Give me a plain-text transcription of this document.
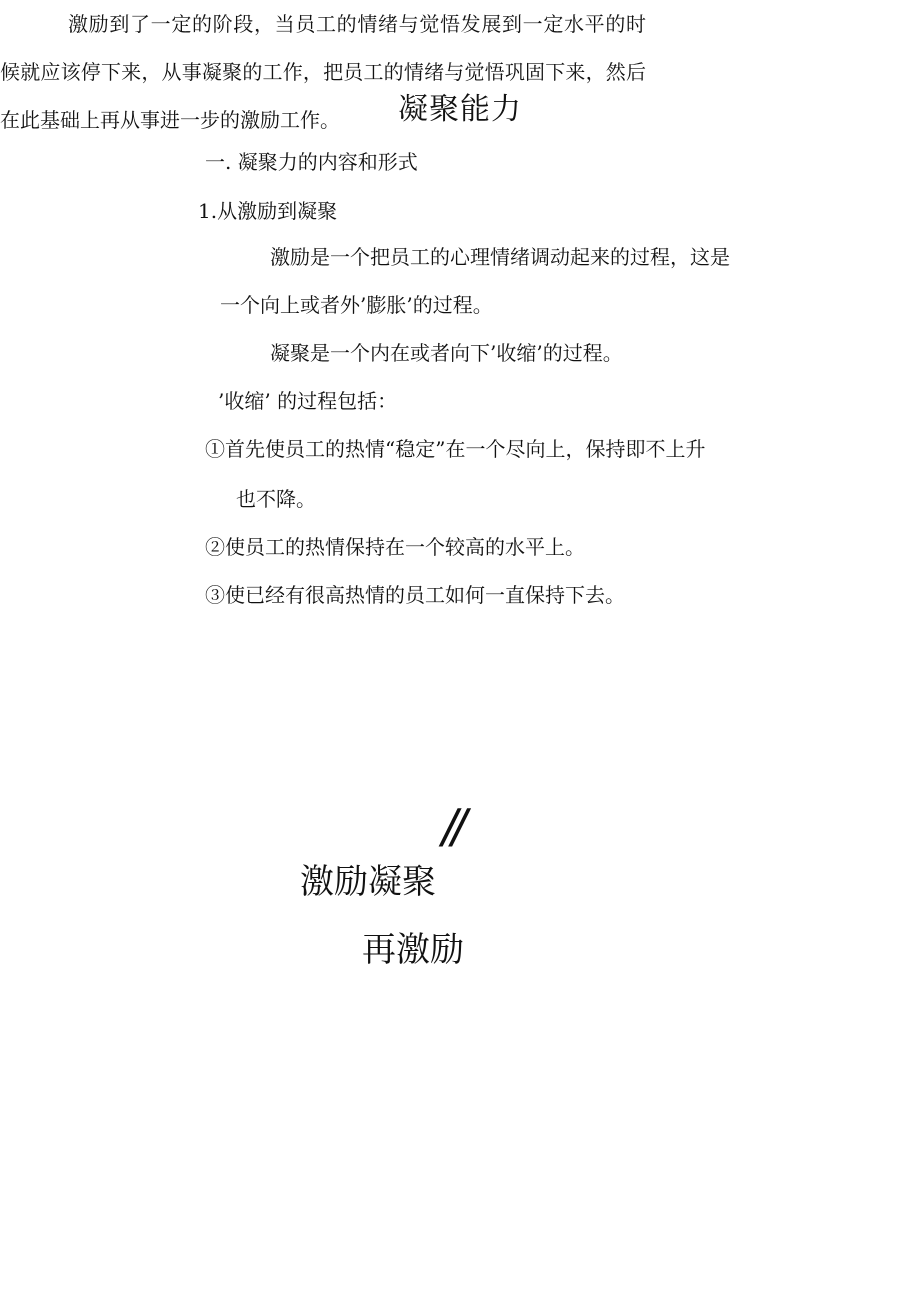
凝聚能力
一. 凝聚力的内容和形式
1.从激励到凝聚
激励是一个把员工的心理情绪调动起来的过程，这是
一个向上或者外’膨胀’的过程。
凝聚是一个内在或者向下’收缩’的过程。
’收缩’ 的过程包括：
①首先使员工的热情“稳定”在一个尽向上，保持即不上升
也不降。
②使员工的热情保持在一个较高的水平上。
③使已经有很高热情的员工如何一直保持下去。
激励到了一定的阶段，当员工的情绪与觉悟发展到一定水平的时候就应该停下来，从事凝聚的工作，把员工的情绪与觉悟巩固下来，然后在此基础上再从事进一步的激励工作。
//
激励凝聚
再激励
